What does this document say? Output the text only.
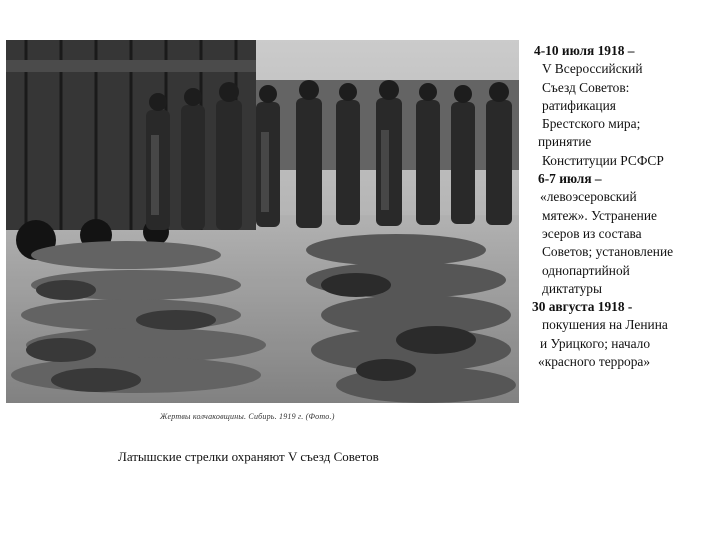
Жертвы колчаковщины. Сибирь. 1919 г. (Фото.)
Латышские стрелки охраняют V съезд Советов
4-10 июля 1918 –
V Всероссийский
Съезд Советов:
ратификация
Брестского мира;
принятие
Конституции РСФСР
6-7 июля –
«левоэсеровский
мятеж». Устранение
эсеров из состава
Советов; установление
однопартийной
диктатуры
30 августа 1918 -
покушения на Ленина
и Урицкого; начало
«красного террора»
